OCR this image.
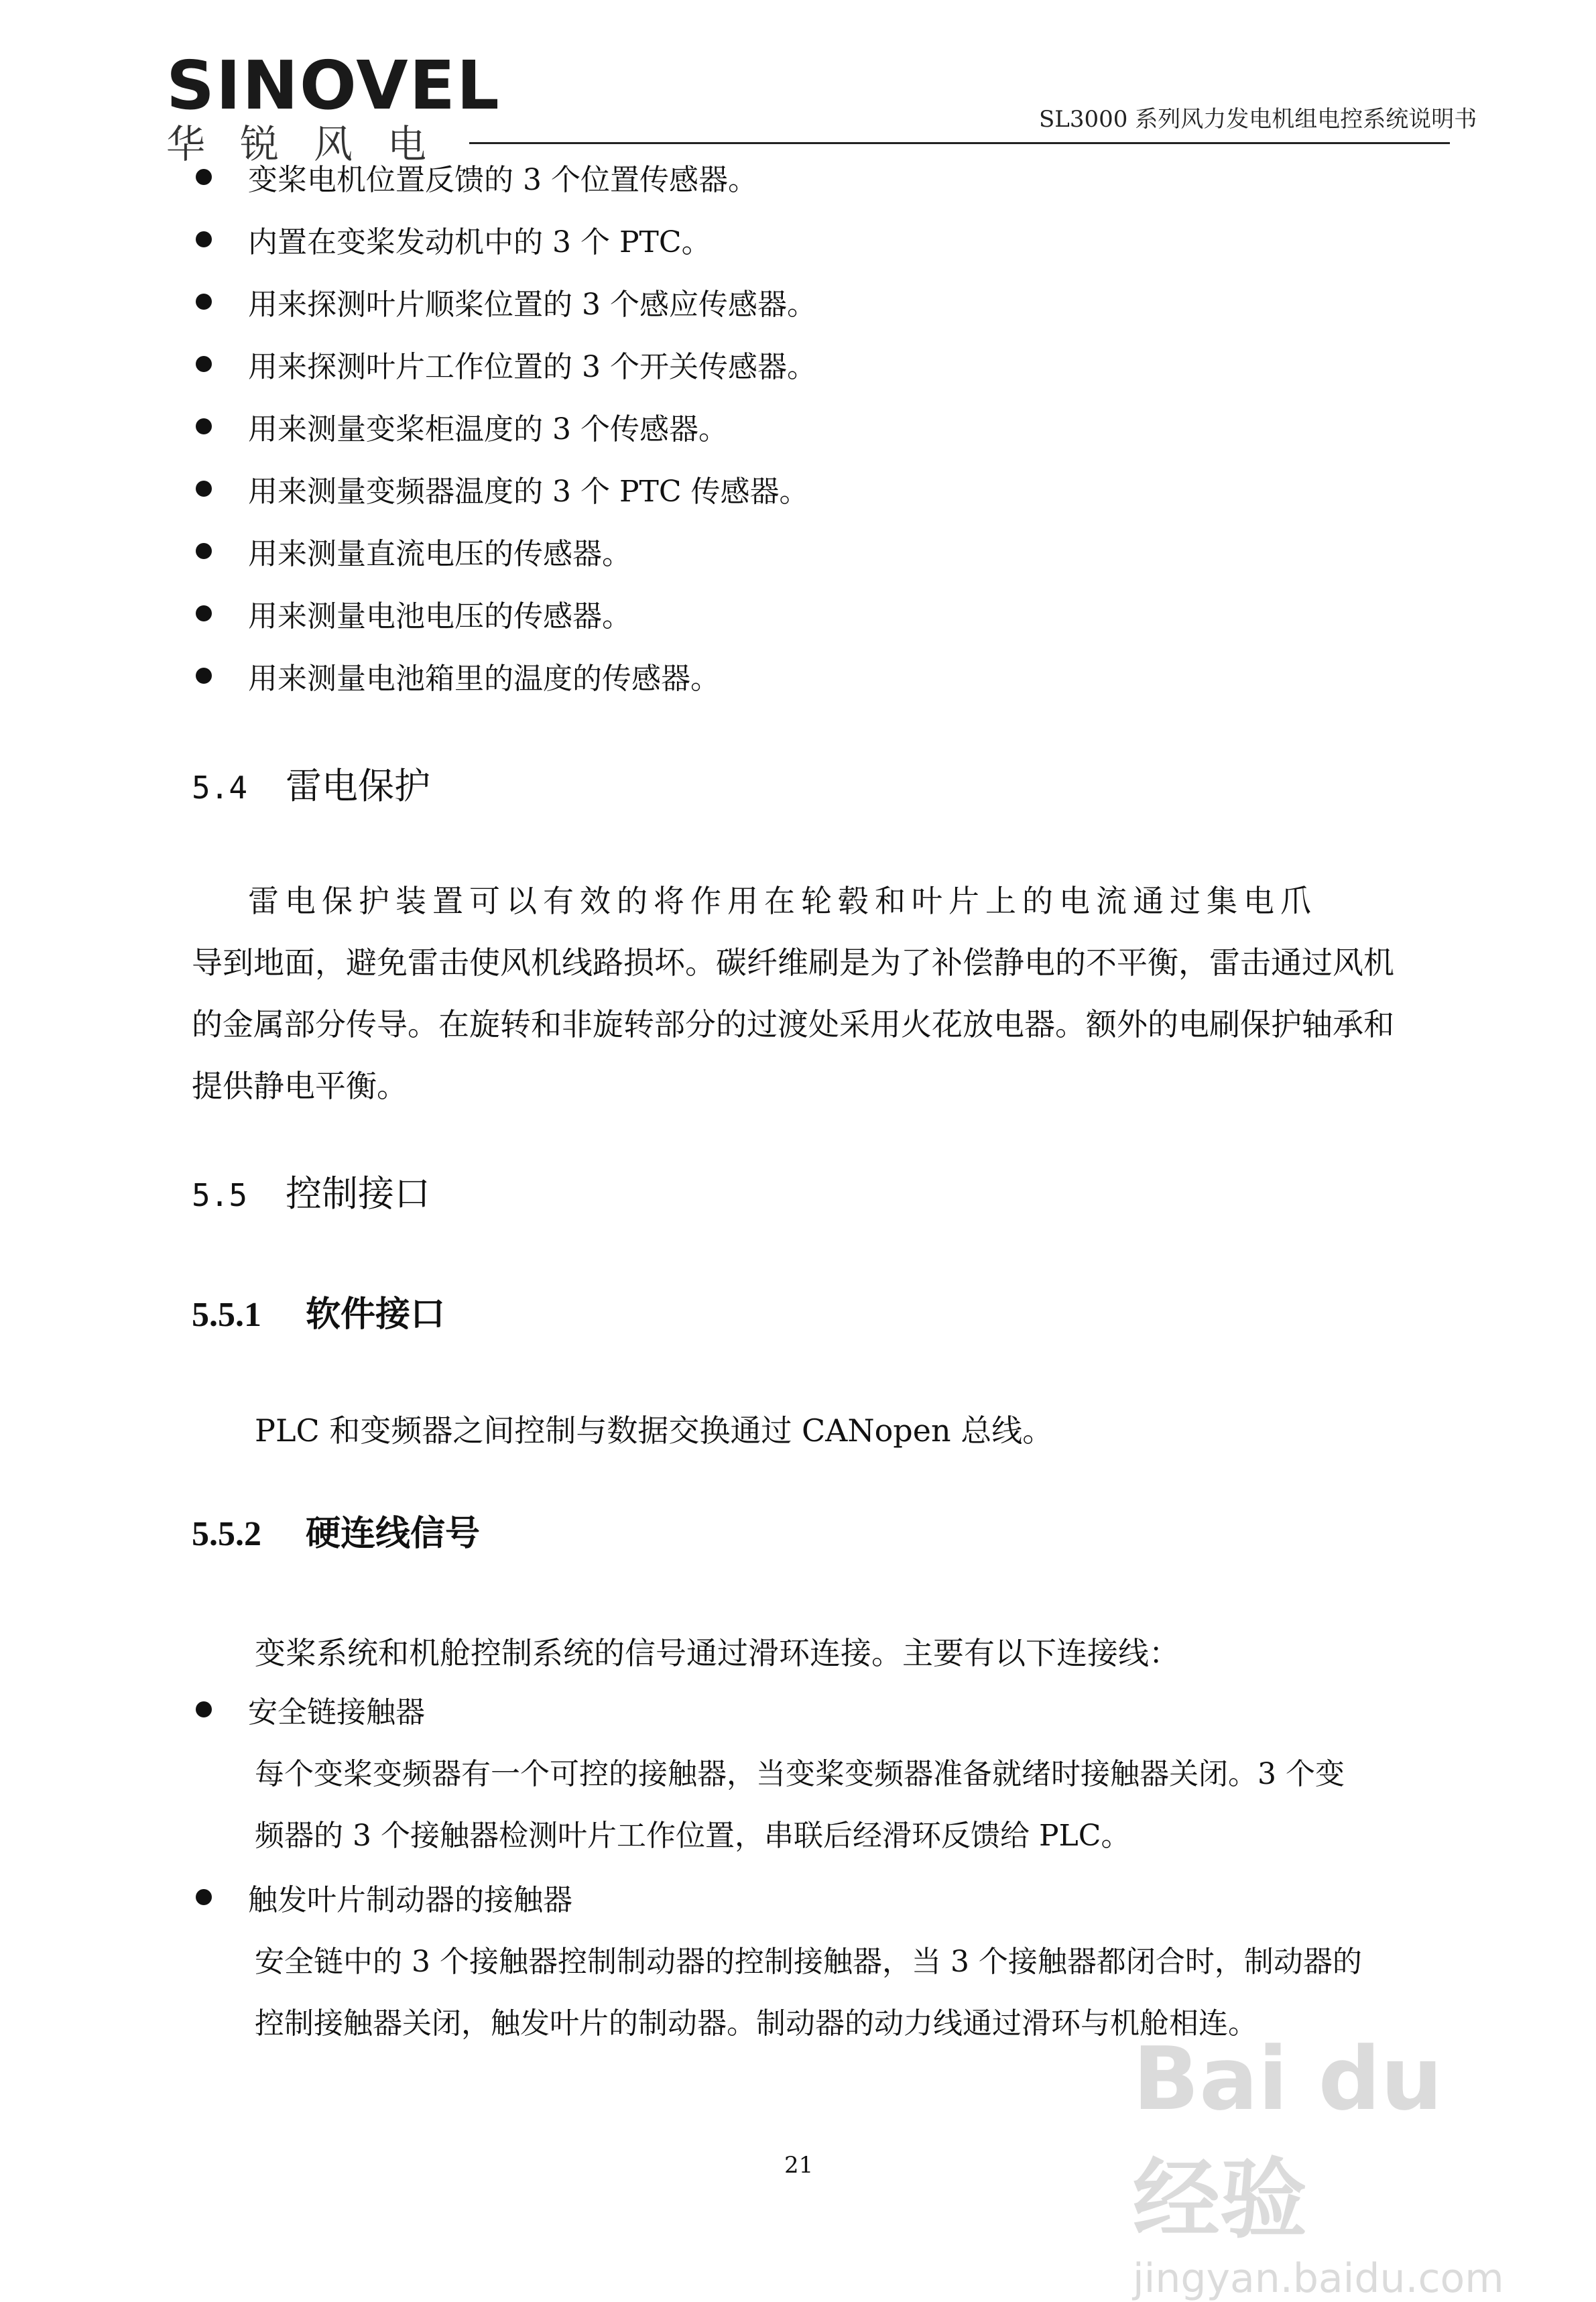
SINOVEL
华锐风电
SL3000 系列风力发电机组电控系统说明书
变桨电机位置反馈的 3 个位置传感器。
内置在变桨发动机中的 3 个 PTC。
用来探测叶片顺桨位置的 3 个感应传感器。
用来探测叶片工作位置的 3 个开关传感器。
用来测量变桨柜温度的 3 个传感器。
用来测量变频器温度的 3 个 PTC 传感器。
用来测量直流电压的传感器。
用来测量电池电压的传感器。
用来测量电池箱里的温度的传感器。
5.4 雷电保护
雷电保护装置可以有效的将作用在轮毂和叶片上的电流通过集电爪
导到地面，避免雷击使风机线路损坏。碳纤维刷是为了补偿静电的不平衡，雷击通过风机
的金属部分传导。在旋转和非旋转部分的过渡处采用火花放电器。额外的电刷保护轴承和
提供静电平衡。
5.5 控制接口
5.5.1 软件接口
PLC 和变频器之间控制与数据交换通过 CANopen 总线。
5.5.2 硬连线信号
变桨系统和机舱控制系统的信号通过滑环连接。主要有以下连接线：
安全链接触器
每个变桨变频器有一个可控的接触器，当变桨变频器准备就绪时接触器关闭。3 个变
频器的 3 个接触器检测叶片工作位置，串联后经滑环反馈给 PLC。
触发叶片制动器的接触器
安全链中的 3 个接触器控制制动器的控制接触器，当 3 个接触器都闭合时，制动器的
控制接触器关闭，触发叶片的制动器。制动器的动力线通过滑环与机舱相连。
21
Bai du 经验
jingyan.baidu.com
